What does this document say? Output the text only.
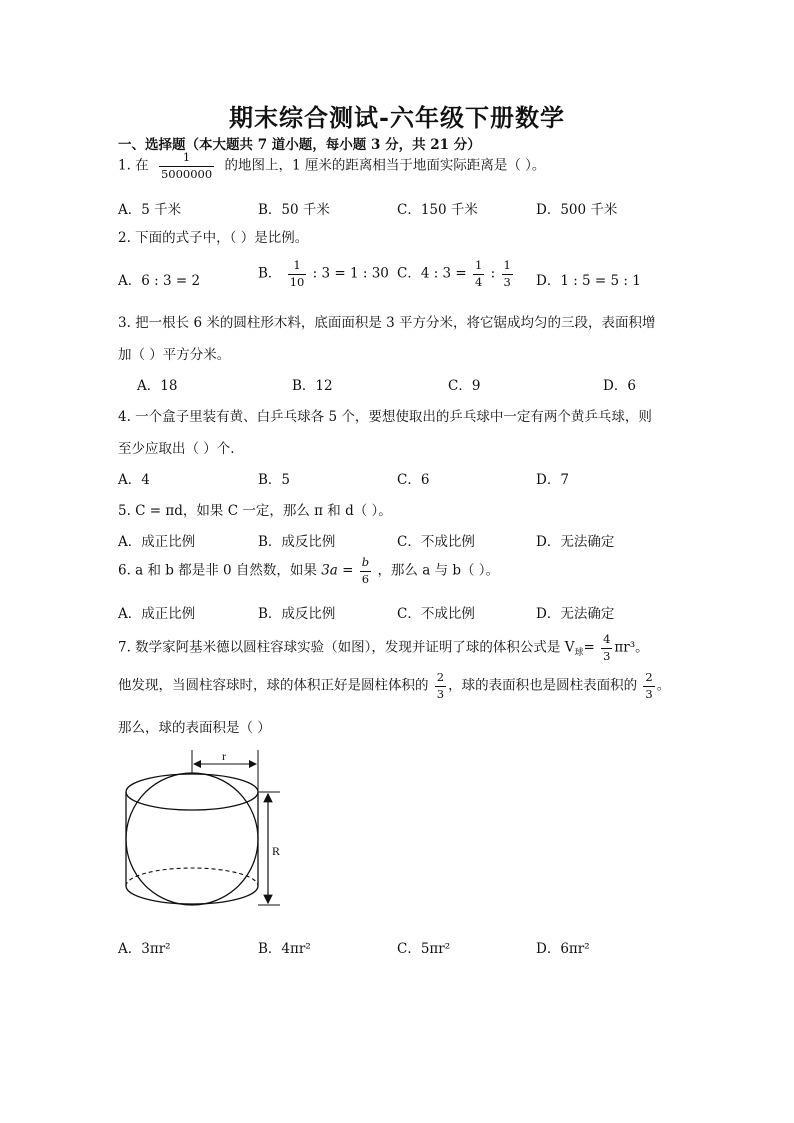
期末综合测试-六年级下册数学
一、选择题（本大题共 7 道小题，每小题 3 分，共 21 分）
1. 在 $\frac{1}{5000000}$ 的地图上，1 厘米的距离相当于地面实际距离是（ ）。
A．5 千米	B．50 千米	C．150 千米	D．500 千米
2. 下面的式子中，（ ）是比例。
A．6 : 3 = 2	B． $\frac{1}{10}$ : 3 = 1 : 30 C．4 : $3 = \frac{1}{4}$ : $\frac{1}{3}$ D．1 : 5 = 5 : 1
3. 把一根长 6 米的圆柱形木料，底面面积是 3 平方分米，将它锯成均匀的三段，表面积增
加（ ）平方分米。
A．18	B．12	C．9	D．6
4. 一个盒子里装有黄、白乒乓球各 5 个，要想使取出的乒乓球中一定有两个黄乒乓球，则
至少应取出（ ）个.
A．4	B．5	C．6	D．7
5. C = πd，如果 C 一定，那么 π 和 d（ ）。
A．成正比例	B．成反比例	C．不成比例	D．无法确定
6. a 和 b 都是非 0 自然数，如果 $3a = \frac{b}{6}$ ，那么 a 与 b（ ）。
A．成正比例	B．成反比例	C．不成比例	D．无法确定
7. 数学家阿基米德以圆柱容球实验（如图），发现并证明了球的体积公式是 $V_球= \frac{4}{3} \pi r^3$。
他发现，当圆柱容球时，球的体积正好是圆柱体积的 $\frac{2}{3}$ ，球的表面积也是圆柱表面积的 $\frac{2}{3}$ 。
那么，球的表面积是（ ）
r
R
A．3πr²	B．4πr²	C．5πr²	D．6πr²
